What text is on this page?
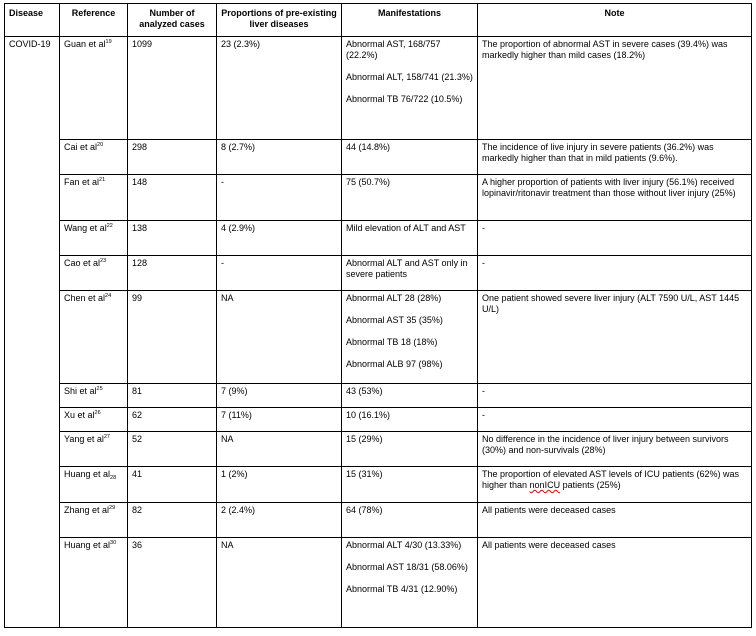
Disease	Reference	Number of analyzed cases	Proportions of pre-existing liver diseases	Manifestations	Note
COVID-19	Guan et $al^{19}$	1099	23 (2.3%)	Abnormal AST, 168/757 (22.2%)

Abnormal ALT, 158/741 (21.3%)

Abnormal TB 76/722 (10.5%)	The proportion of abnormal AST in severe cases (39.4%) was markedly higher than mild cases (18.2%)
	Cai et $al^{20}$	298	8 (2.7%)	44 (14.8%)	The incidence of live injury in severe patients (36.2%) was markedly higher than that in mild patients (9.6%).
	Fan et $al^{21}$	148	-	75 (50.7%)	A higher proportion of patients with liver injury (56.1%) received lopinavir/ritonavir treatment than those without liver injury (25%)
	Wang et $al^{22}$	138	4 (2.9%)	Mild elevation of ALT and AST	-
	Cao et $al^{23}$	128	-	Abnormal ALT and AST only in severe patients	-
	Chen et $al^{24}$	99	NA	Abnormal ALT 28 (28%)

Abnormal AST 35 (35%)

Abnormal TB 18 (18%)

Abnormal ALB 97 (98%)	One patient showed severe liver injury (ALT 7590 U/L, AST 1445 U/L)
	Shi et $al^{25}$	81	7 (9%)	43 (53%)	-
	Xu et $al^{26}$	62	7 (11%)	10 (16.1%)	-
	Yang et $al^{27}$	52	NA	15 (29%)	No difference in the incidence of liver injury between survivors (30%) and non-survivals (28%)
	Huang et $al_{28}$	41	1 (2%)	15 (31%)	The proportion of elevated AST levels of ICU patients (62%) was higher than nonICU patients (25%)
	Zhang et $al^{29}$	82	2 (2.4%)	64 (78%)	All patients were deceased cases
	Huang et $al^{30}$	36	NA	Abnormal ALT 4/30 (13.33%)

Abnormal AST 18/31 (58.06%)

Abnormal TB 4/31 (12.90%)	All patients were deceased cases
